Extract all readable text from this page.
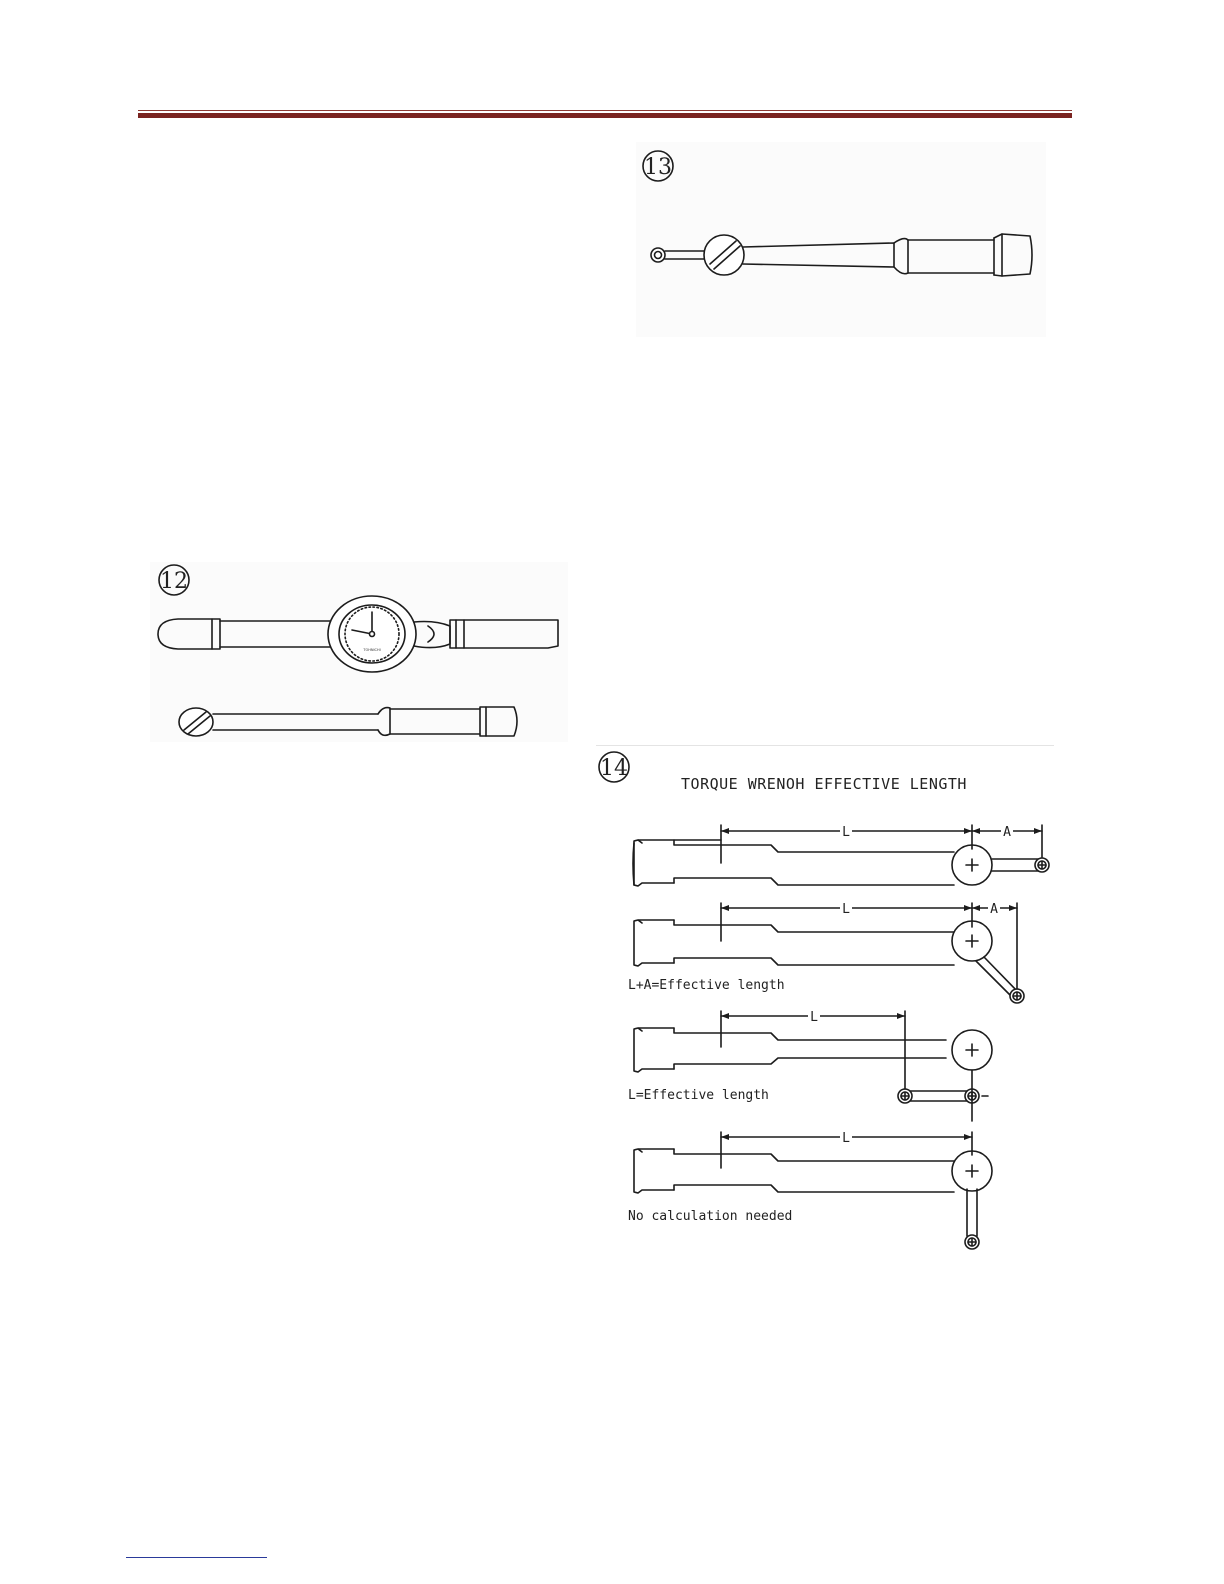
13
12
TOHNICHI
14
TORQUE WRENOH EFFECTIVE LENGTH
L	A
L	A
L+A=Effective length
L
L=Effective length
L
No calculation needed
